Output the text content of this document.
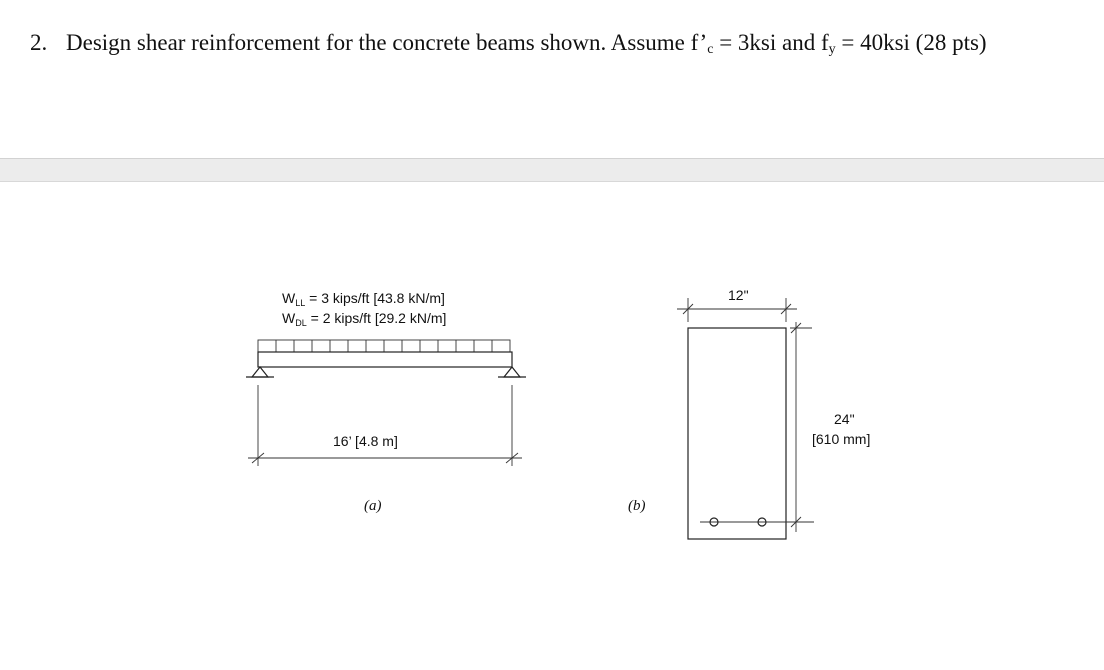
2. Design shear reinforcement for the concrete beams shown. Assume $f’_c = 3ksi$ and $f_y = 40ksi$ (28 pts)
$W_{LL} = 3$ kips/ft [43.8 kN/m]
$W_{DL} = 2$ kips/ft [29.2 kN/m]
16’ [4.8 m]
(a)
12"
24"
[610 mm]
(b)
